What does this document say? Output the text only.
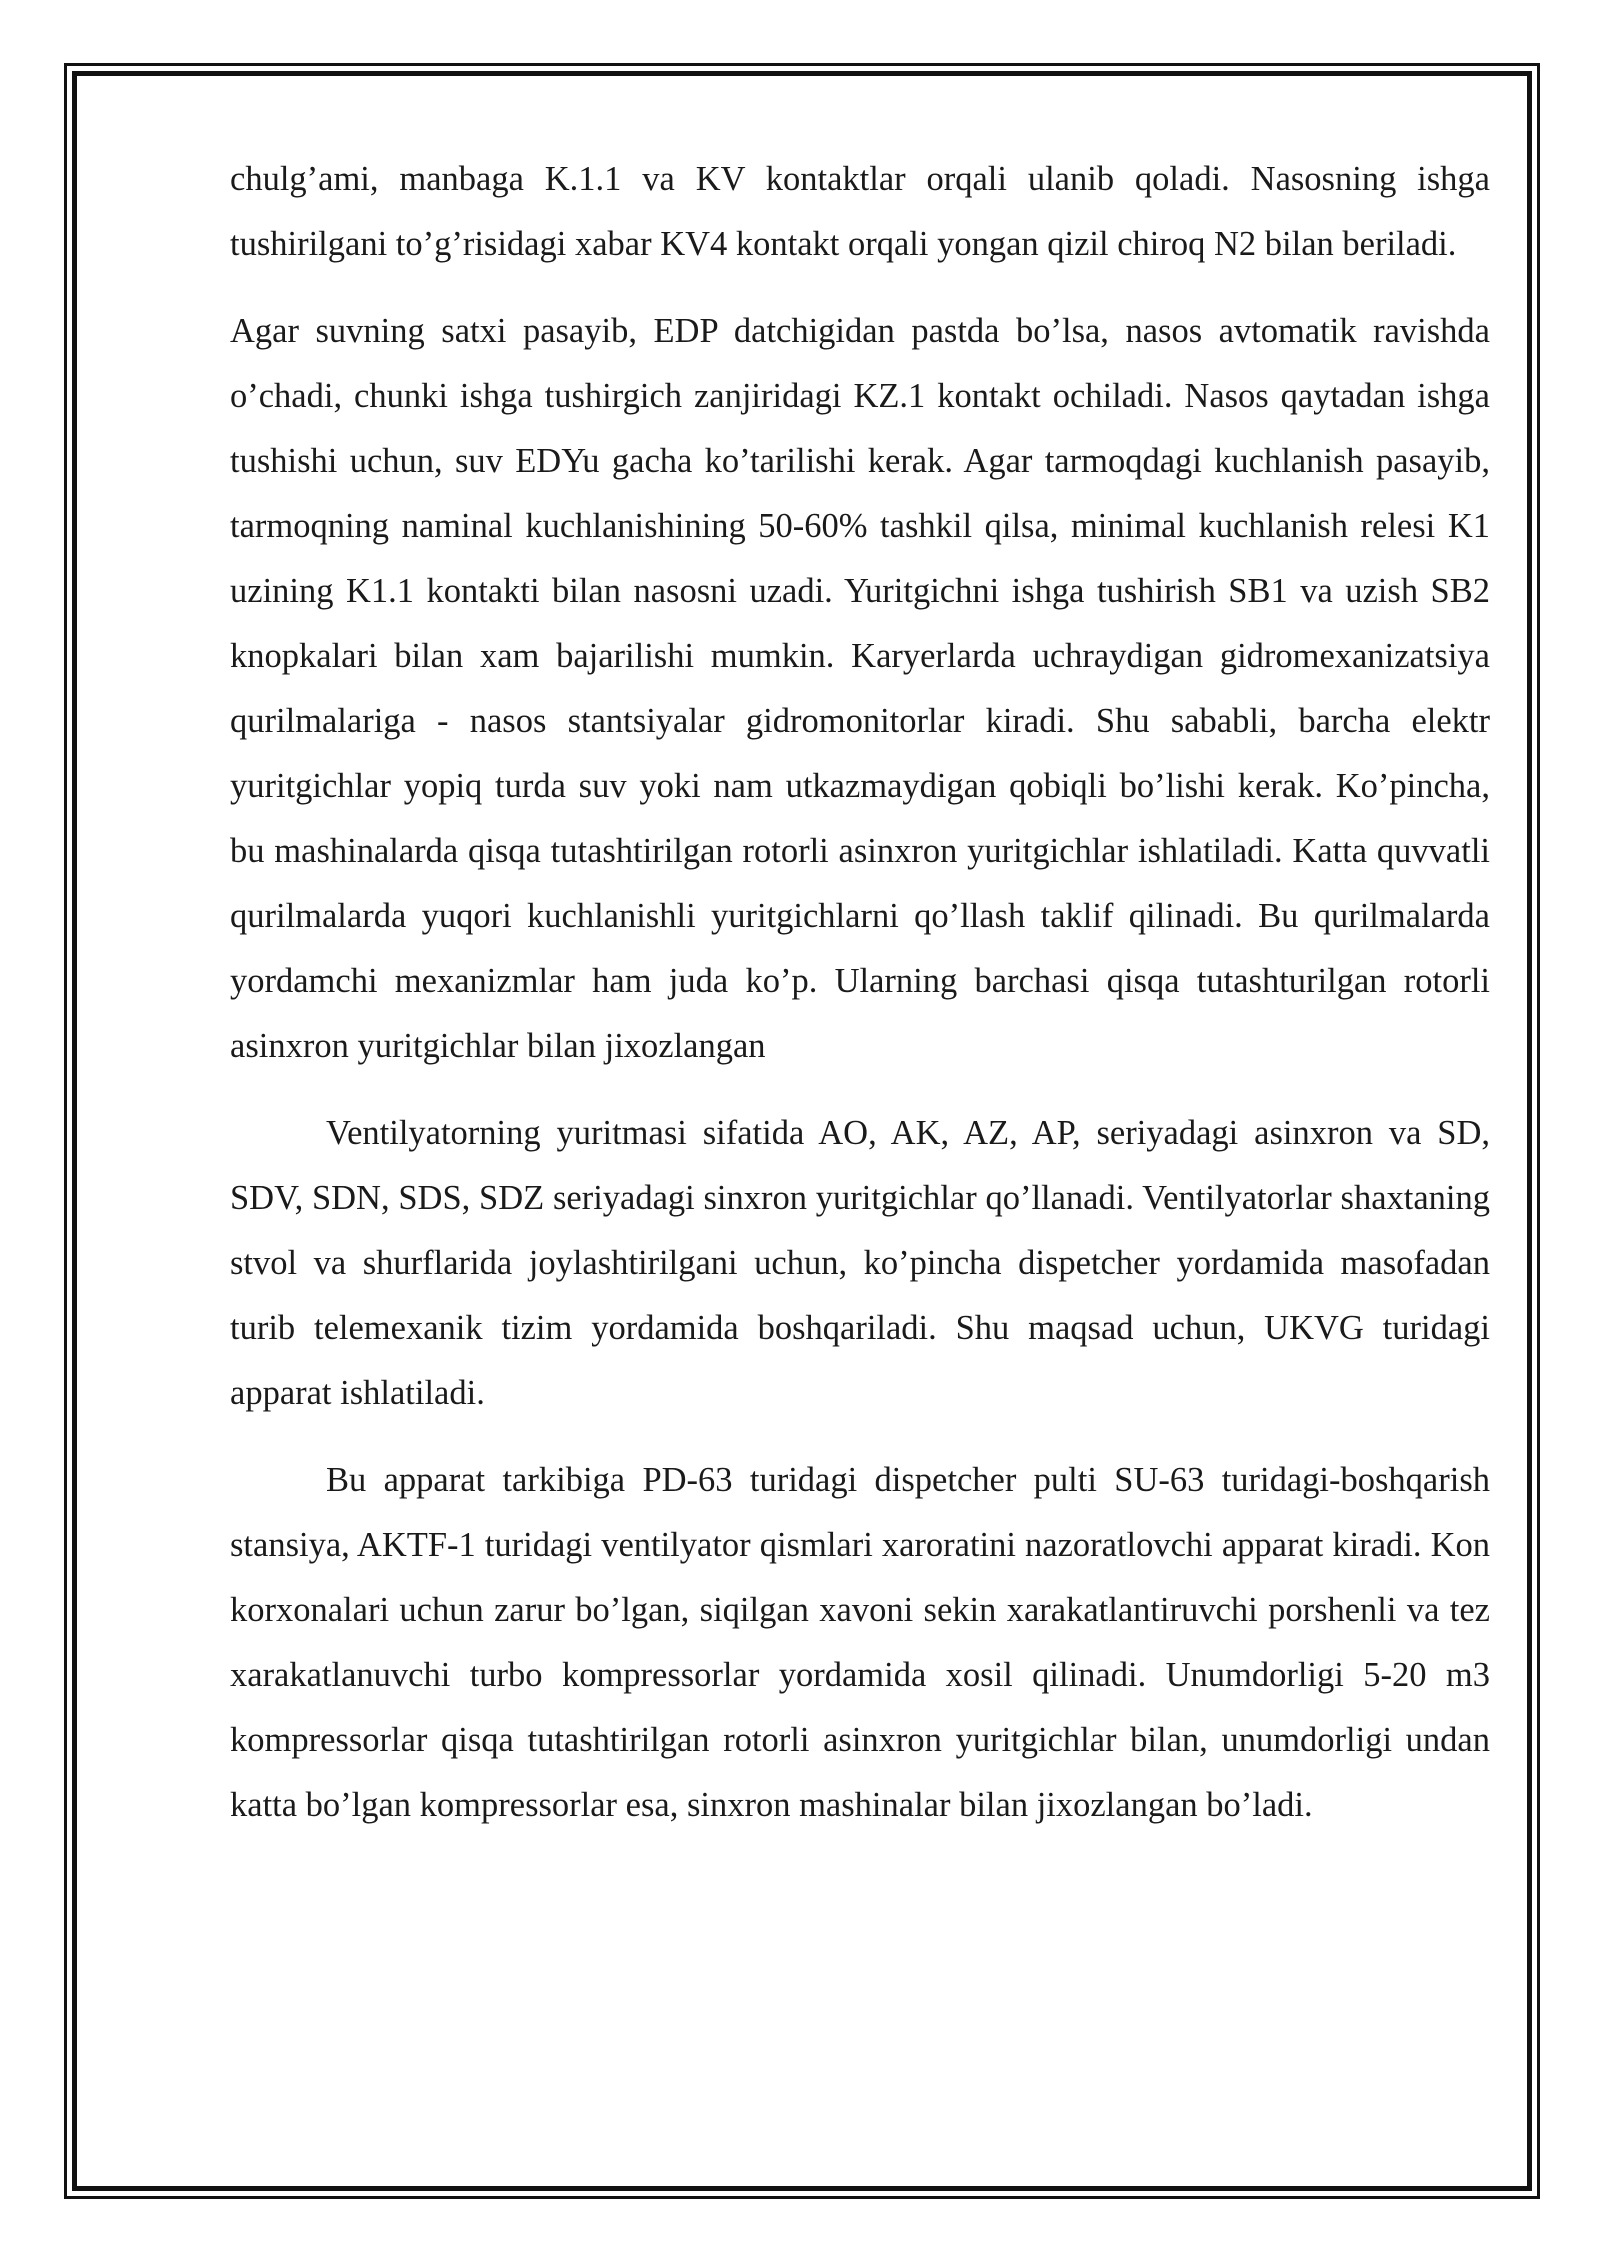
chulg’ami, manbaga K.1.1 va KV kontaktlar orqali ulanib qoladi. Nasosning ishga tushirilgani to’g’risidagi xabar KV4 kontakt orqali yongan qizil chiroq N2 bilan beriladi.

Agar suvning satxi pasayib, EDP datchigidan pastda bo’lsa, nasos avtomatik ravishda o’chadi, chunki ishga tushirgich zanjiridagi KZ.1 kontakt ochiladi. Nasos qaytadan ishga tushishi uchun, suv EDYu gacha ko’tarilishi kerak. Agar tarmoqdagi kuchlanish pasayib, tarmoqning naminal kuchlanishining 50-60% tashkil qilsa, minimal kuchlanish relesi K1 uzining K1.1 kontakti bilan nasosni uzadi. Yuritgichni ishga tushirish SB1 va uzish SB2 knopkalari bilan xam bajarilishi mumkin. Karyerlarda uchraydigan gidromexanizatsiya qurilmalariga - nasos stantsiyalar gidromonitorlar kiradi. Shu sababli, barcha elektr yuritgichlar yopiq turda suv yoki nam utkazmaydigan qobiqli bo’lishi kerak. Ko’pincha, bu mashinalarda qisqa tutashtirilgan rotorli asinxron yuritgichlar ishlatiladi. Katta quvvatli qurilmalarda yuqori kuchlanishli yuritgichlarni qo’llash taklif qilinadi. Bu qurilmalarda yordamchi mexanizmlar ham juda ko’p. Ularning barchasi qisqa tutashturilgan rotorli asinxron yuritgichlar bilan jixozlangan

Ventilyatorning yuritmasi sifatida AO, AK, AZ, AP, seriyadagi asinxron va SD, SDV, SDN, SDS, SDZ seriyadagi sinxron yuritgichlar qo’llanadi. Ventilyatorlar shaxtaning stvol va shurflarida joylashtirilgani uchun, ko’pincha dispetcher yordamida masofadan turib telemexanik tizim yordamida boshqariladi. Shu maqsad uchun, UKVG turidagi apparat ishlatiladi.

Bu apparat tarkibiga PD-63 turidagi dispetcher pulti SU-63 turidagi-boshqarish stansiya, AKTF-1 turidagi ventilyator qismlari xaroratini nazoratlovchi apparat kiradi. Kon korxonalari uchun zarur bo’lgan, siqilgan xavoni sekin xarakatlantiruvchi porshenli va tez xarakatlanuvchi turbo kompressorlar yordamida xosil qilinadi. Unumdorligi 5-20 m3 kompressorlar qisqa tutashtirilgan rotorli asinxron yuritgichlar bilan, unumdorligi undan katta bo’lgan kompressorlar esa, sinxron mashinalar bilan jixozlangan bo’ladi.
